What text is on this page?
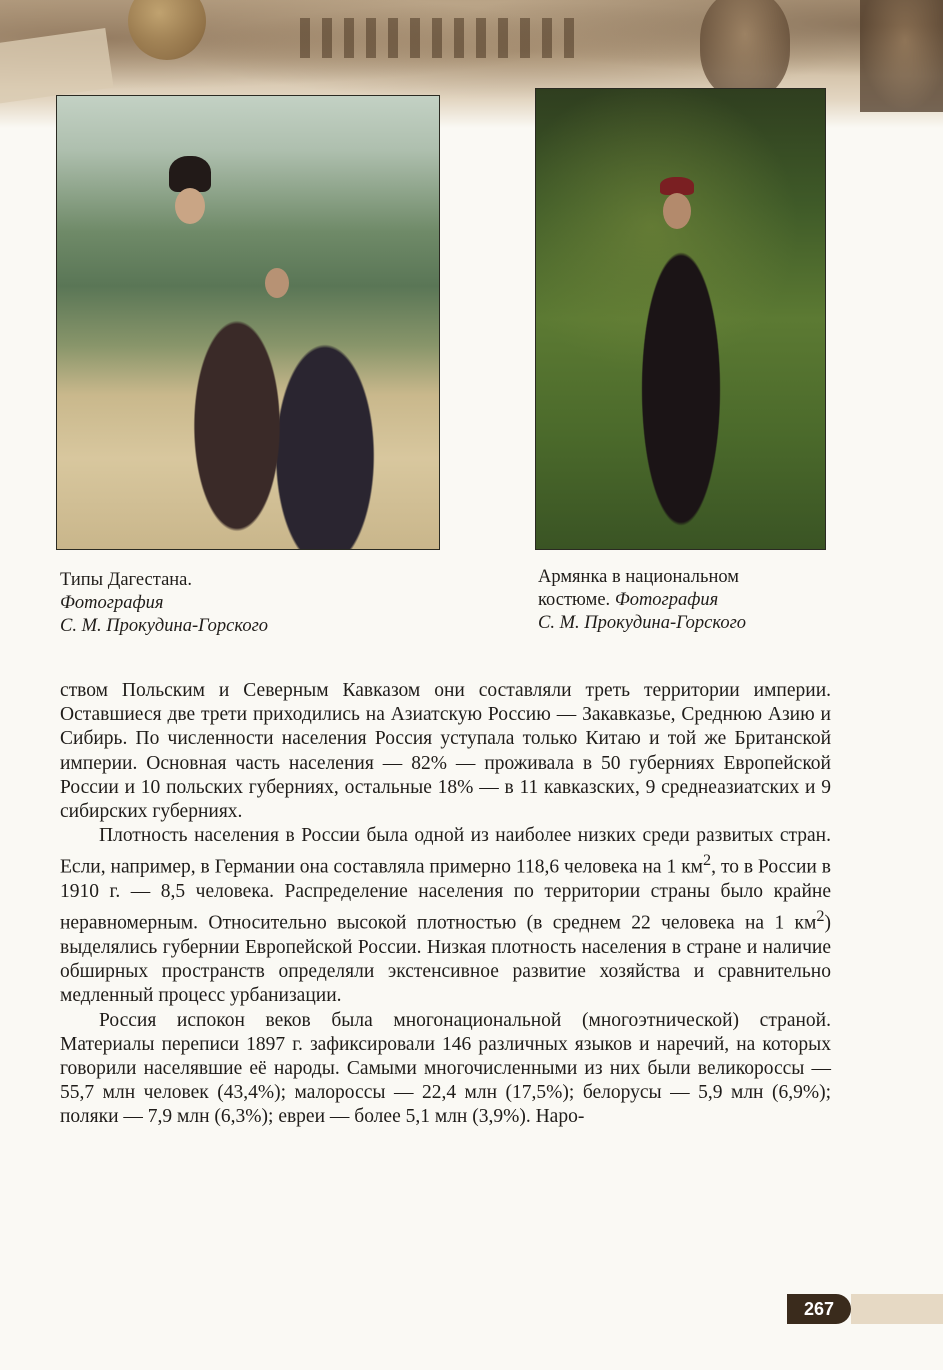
Типы Дагестана.
Фотография
С. М. Прокудина-Горского
Армянка в национальном
костюме. Фотография
С. М. Прокудина-Горского

ством Польским и Северным Кавказом они составляли треть территории империи. Оставшиеся две трети приходились на Азиатскую Россию — Закавказье, Среднюю Азию и Сибирь. По численности населения Россия уступала только Китаю и той же Британской империи. Основная часть населения — 82% — проживала в 50 губерниях Европейской России и 10 польских губерниях, остальные 18% — в 11 кавказских, 9 среднеазиатских и 9 сибирских губерниях.

Плотность населения в России была одной из наиболее низких среди развитых стран. Если, например, в Германии она составляла примерно 118,6 человека на 1 $км^2$, то в России в 1910 г. — 8,5 человека. Распределение населения по территории страны было крайне неравномерным. Относительно высокой плотностью (в среднем 22 человека на 1 $км^2$) выделялись губернии Европейской России. Низкая плотность населения в стране и наличие обширных пространств определяли экстенсивное развитие хозяйства и сравнительно медленный процесс урбанизации.

Россия испокон веков была многонациональной (многоэтнической) страной. Материалы переписи 1897 г. зафиксировали 146 различных языков и наречий, на которых говорили населявшие её народы. Самыми многочисленными из них были великороссы — 55,7 млн человек (43,4%); малороссы — 22,4 млн (17,5%); белорусы — 5,9 млн (6,9%); поляки — 7,9 млн (6,3%); евреи — более 5,1 млн (3,9%). Наро-

267
